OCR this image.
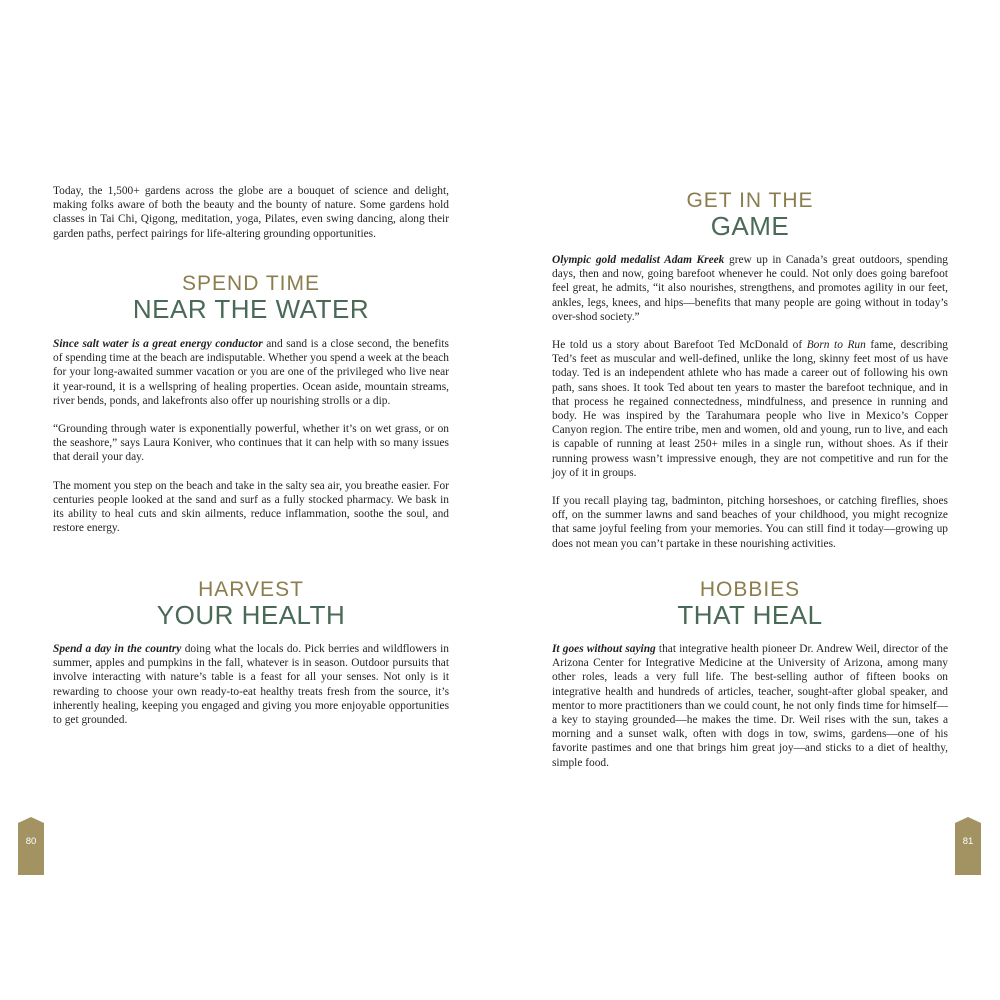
Today, the 1,500+ gardens across the globe are a bouquet of science and delight, making folks aware of both the beauty and the bounty of nature. Some gardens hold classes in Tai Chi, Qigong, meditation, yoga, Pilates, even swing dancing, along their garden paths, perfect pairings for life-altering grounding opportunities.

SPEND TIME
NEAR THE WATER

Since salt water is a great energy conductor and sand is a close second, the benefits of spending time at the beach are indisputable. Whether you spend a week at the beach for your long-awaited summer vacation or you are one of the privileged who live near it year-round, it is a wellspring of healing properties. Ocean aside, mountain streams, river bends, ponds, and lakefronts also offer up nourishing strolls or a dip.

“Grounding through water is exponentially powerful, whether it’s on wet grass, or on the seashore,” says Laura Koniver, who continues that it can help with so many issues that derail your day.

The moment you step on the beach and take in the salty sea air, you breathe easier. For centuries people looked at the sand and surf as a fully stocked pharmacy. We bask in its ability to heal cuts and skin ailments, reduce inflammation, soothe the soul, and restore energy.

HARVEST
YOUR HEALTH

Spend a day in the country doing what the locals do. Pick berries and wildflowers in summer, apples and pumpkins in the fall, whatever is in season. Outdoor pursuits that involve interacting with nature’s table is a feast for all your senses. Not only is it rewarding to choose your own ready-to-eat healthy treats fresh from the source, it’s inherently healing, keeping you engaged and giving you more enjoyable opportunities to get grounded.

80
GET IN THE
GAME

Olympic gold medalist Adam Kreek grew up in Canada’s great outdoors, spending days, then and now, going barefoot whenever he could. Not only does going barefoot feel great, he admits, “it also nourishes, strengthens, and promotes agility in our feet, ankles, legs, knees, and hips—benefits that many people are going without in today’s over-shod society.”

He told us a story about Barefoot Ted McDonald of Born to Run fame, describing Ted’s feet as muscular and well-defined, unlike the long, skinny feet most of us have today. Ted is an independent athlete who has made a career out of following his own path, sans shoes. It took Ted about ten years to master the barefoot technique, and in that process he regained connectedness, mindfulness, and presence in running and body. He was inspired by the Tarahumara people who live in Mexico’s Copper Canyon region. The entire tribe, men and women, old and young, run to live, and each is capable of running at least 250+ miles in a single run, without shoes. As if their running prowess wasn’t impressive enough, they are not competitive and run for the joy of it in groups.

If you recall playing tag, badminton, pitching horseshoes, or catching fireflies, shoes off, on the summer lawns and sand beaches of your childhood, you might recognize that same joyful feeling from your memories. You can still find it today—growing up does not mean you can’t partake in these nourishing activities.

HOBBIES
THAT HEAL

It goes without saying that integrative health pioneer Dr. Andrew Weil, director of the Arizona Center for Integrative Medicine at the University of Arizona, among many other roles, leads a very full life. The best-selling author of fifteen books on integrative health and hundreds of articles, teacher, sought-after global speaker, and mentor to more practitioners than we could count, he not only finds time for himself—a key to staying grounded—he makes the time. Dr. Weil rises with the sun, takes a morning and a sunset walk, often with dogs in tow, swims, gardens—one of his favorite pastimes and one that brings him great joy—and sticks to a diet of healthy, simple food.

81
